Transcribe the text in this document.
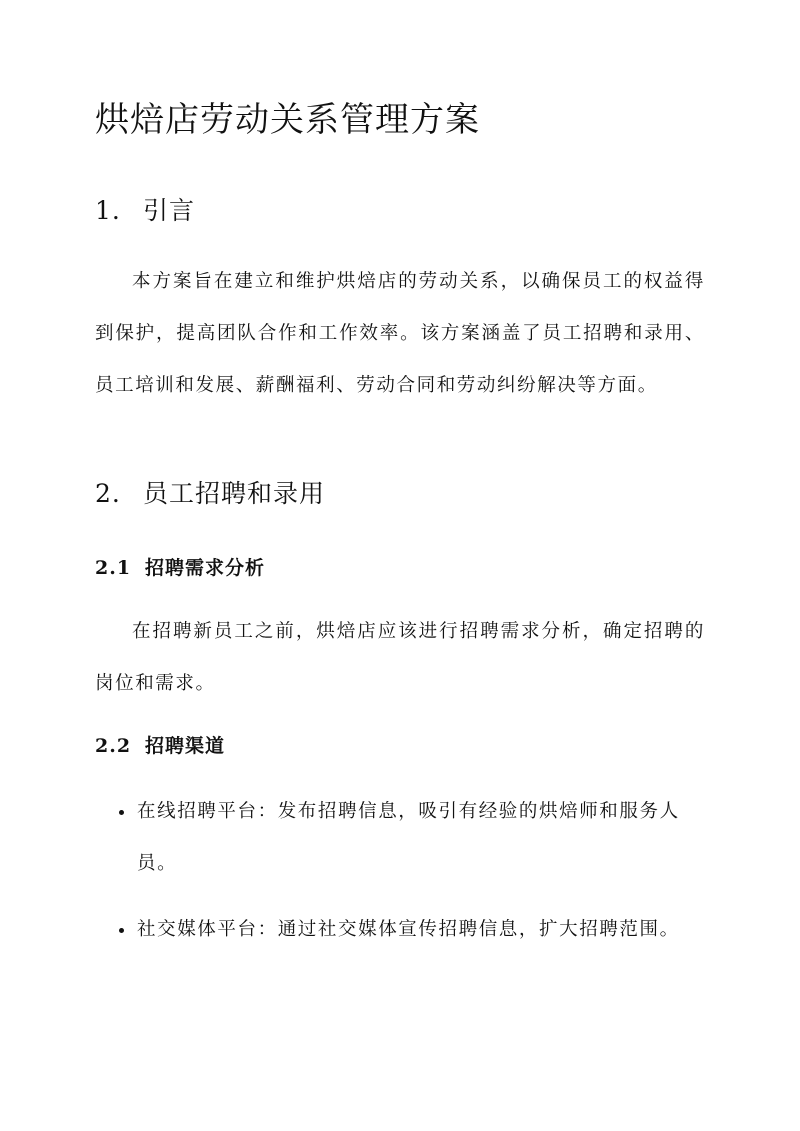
烘焙店劳动关系管理方案
1. 引言

本方案旨在建立和维护烘焙店的劳动关系，以确保员工的权益得到保护，提高团队合作和工作效率。该方案涵盖了员工招聘和录用、员工培训和发展、薪酬福利、劳动合同和劳动纠纷解决等方面。

2. 员工招聘和录用
2.1 招聘需求分析

在招聘新员工之前，烘焙店应该进行招聘需求分析，确定招聘的岗位和需求。

2.2 招聘渠道
在线招聘平台：发布招聘信息，吸引有经验的烘焙师和服务人员。
社交媒体平台：通过社交媒体宣传招聘信息，扩大招聘范围。
